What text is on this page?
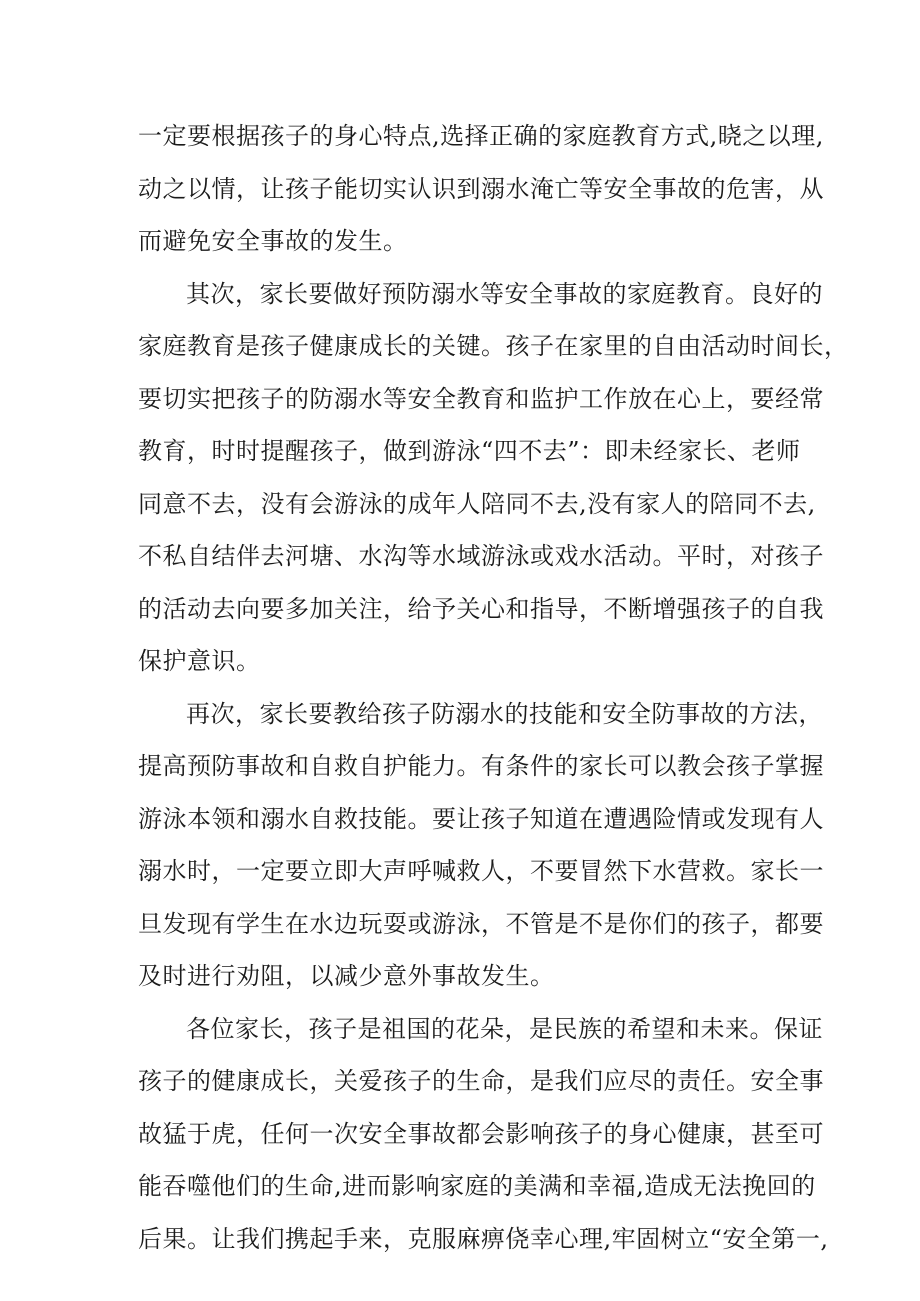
一定要根据孩子的身心特点,选择正确的家庭教育方式,晓之以理,
动之以情，让孩子能切实认识到溺水淹亡等安全事故的危害，从
而避免安全事故的发生。
其次，家长要做好预防溺水等安全事故的家庭教育。良好的
家庭教育是孩子健康成长的关键。孩子在家里的自由活动时间长，
要切实把孩子的防溺水等安全教育和监护工作放在心上，要经常
教育，时时提醒孩子，做到游泳“四不去”：即未经家长、老师
同意不去，没有会游泳的成年人陪同不去,没有家人的陪同不去,
不私自结伴去河塘、水沟等水域游泳或戏水活动。平时，对孩子
的活动去向要多加关注，给予关心和指导，不断增强孩子的自我
保护意识。
再次，家长要教给孩子防溺水的技能和安全防事故的方法，
提高预防事故和自救自护能力。有条件的家长可以教会孩子掌握
游泳本领和溺水自救技能。要让孩子知道在遭遇险情或发现有人
溺水时，一定要立即大声呼喊救人，不要冒然下水营救。家长一
旦发现有学生在水边玩耍或游泳，不管是不是你们的孩子，都要
及时进行劝阻，以减少意外事故发生。
各位家长，孩子是祖国的花朵，是民族的希望和未来。保证
孩子的健康成长，关爱孩子的生命，是我们应尽的责任。安全事
故猛于虎，任何一次安全事故都会影响孩子的身心健康，甚至可
能吞噬他们的生命,进而影响家庭的美满和幸福,造成无法挽回的
后果。让我们携起手来，克服麻痹侥幸心理,牢固树立“安全第一,
